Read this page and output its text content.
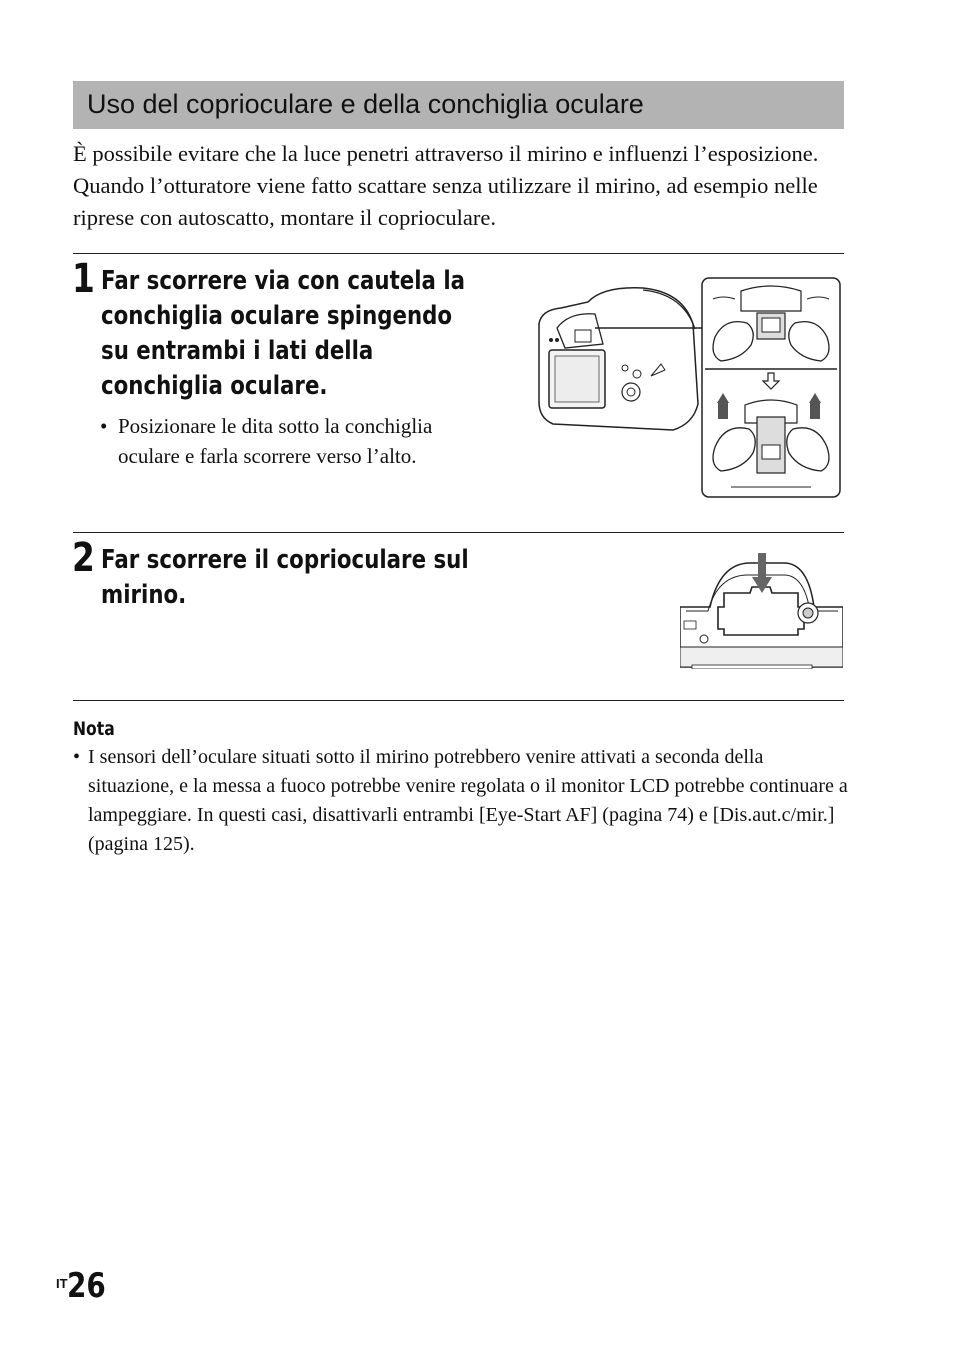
Uso del coprioculare e della conchiglia oculare

È possibile evitare che la luce penetri attraverso il mirino e influenzi l’esposizione. Quando l’otturatore viene fatto scattare senza utilizzare il mirino, ad esempio nelle riprese con autoscatto, montare il coprioculare.

1 Far scorrere via con cautela la conchiglia oculare spingendo su entrambi i lati della conchiglia oculare.
• Posizionare le dita sotto la conchiglia oculare e farla scorrere verso l’alto.
2 Far scorrere il coprioculare sul mirino.
Nota
• I sensori dell’oculare situati sotto il mirino potrebbero venire attivati a seconda della situazione, e la messa a fuoco potrebbe venire regolata o il monitor LCD potrebbe continuare a lampeggiare. In questi casi, disattivarli entrambi [Eye-Start AF] (pagina 74) e [Dis.aut.c/mir.] (pagina 125).
IT 26
